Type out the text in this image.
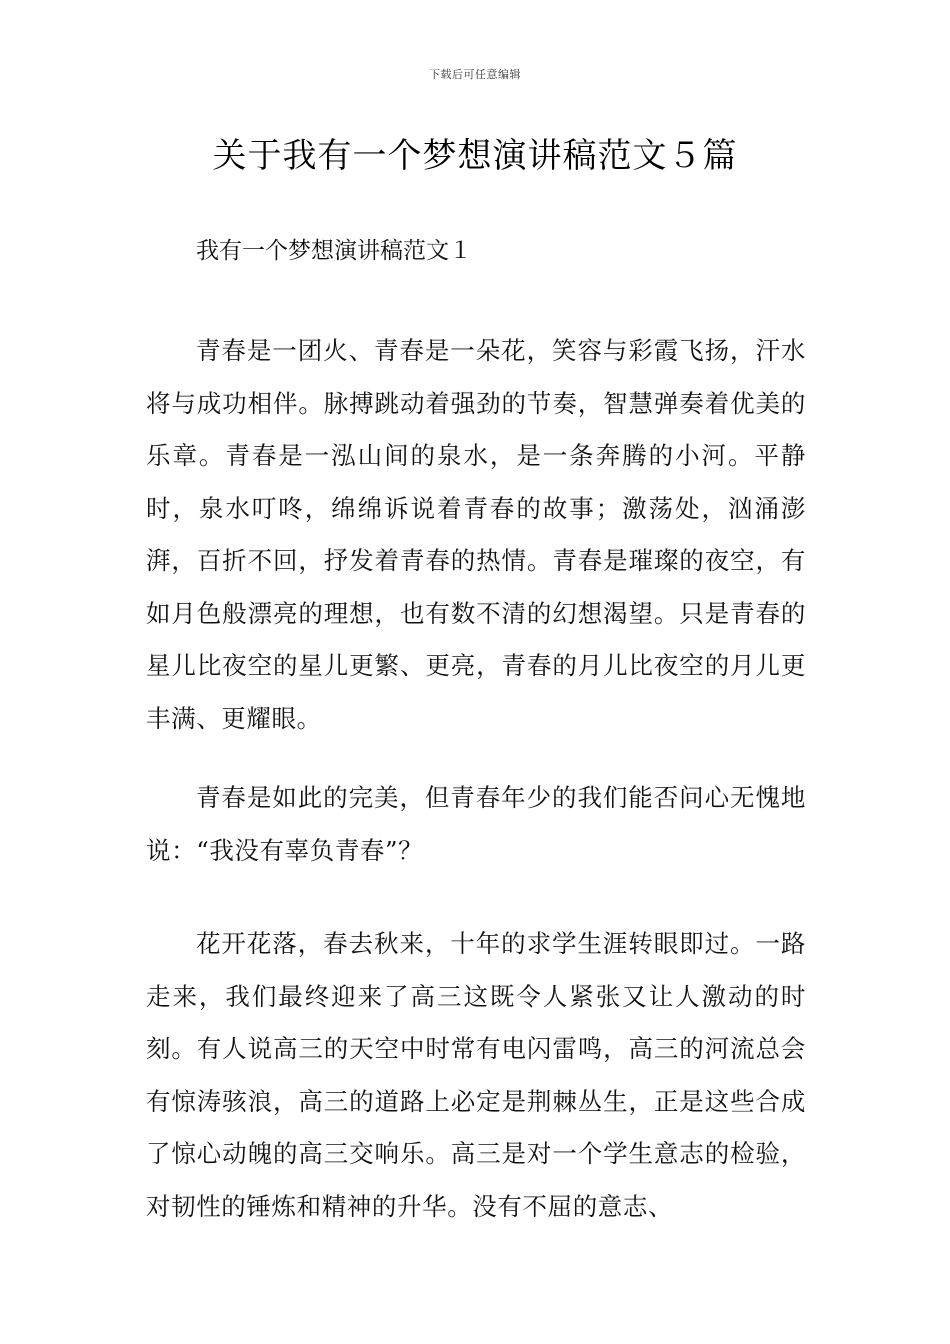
下载后可任意编辑
关于我有一个梦想演讲稿范文５篇
我有一个梦想演讲稿范文１

青春是一团火、青春是一朵花，笑容与彩霞飞扬，汗水将与成功相伴。脉搏跳动着强劲的节奏，智慧弹奏着优美的乐章。青春是一泓山间的泉水，是一条奔腾的小河。平静时，泉水叮咚，绵绵诉说着青春的故事；激荡处，汹涌澎湃，百折不回，抒发着青春的热情。青春是璀璨的夜空，有如月色般漂亮的理想，也有数不清的幻想渴望。只是青春的星儿比夜空的星儿更繁、更亮，青春的月儿比夜空的月儿更丰满、更耀眼。

青春是如此的完美，但青春年少的我们能否问心无愧地说：“我没有辜负青春”？

花开花落，春去秋来，十年的求学生涯转眼即过。一路走来，我们最终迎来了高三这既令人紧张又让人激动的时刻。有人说高三的天空中时常有电闪雷鸣，高三的河流总会有惊涛骇浪，高三的道路上必定是荆棘丛生，正是这些合成了惊心动魄的高三交响乐。高三是对一个学生意志的检验，对韧性的锤炼和精神的升华。没有不屈的意志、
